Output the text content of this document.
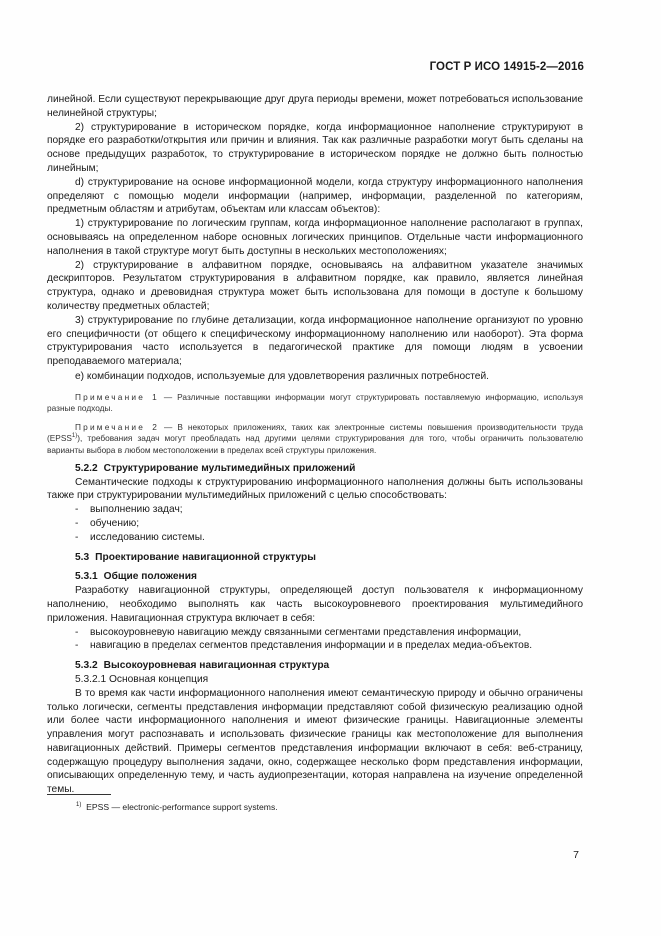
ГОСТ Р ИСО 14915-2—2016

линейной. Если существуют перекрывающие друг друга периоды времени, может потребоваться использование нелинейной структуры;

2) структурирование в историческом порядке, когда информационное наполнение структурируют в порядке его разработки/открытия или причин и влияния. Так как различные разработки могут быть сделаны на основе предыдущих разработок, то структурирование в историческом порядке не должно быть полностью линейным;

d) структурирование на основе информационной модели, когда структуру информационного наполнения определяют с помощью модели информации (например, информации, разделенной по категориям, предметным областям и атрибутам, объектам или классам объектов):

1) структурирование по логическим группам, когда информационное наполнение располагают в группах, основываясь на определенном наборе основных логических принципов. Отдельные части информационного наполнения в такой структуре могут быть доступны в нескольких местоположениях;

2) структурирование в алфавитном порядке, основываясь на алфавитном указателе значимых дескрипторов. Результатом структурирования в алфавитном порядке, как правило, является линейная структура, однако и древовидная структура может быть использована для помощи в доступе к большому количеству предметных областей;

3) структурирование по глубине детализации, когда информационное наполнение организуют по уровню его специфичности (от общего к специфическому информационному наполнению или наоборот). Эта форма структурирования часто используется в педагогической практике для помощи людям в усвоении преподаваемого материала;

e) комбинации подходов, используемые для удовлетворения различных потребностей.

Примечание 1 — Различные поставщики информации могут структурировать поставляемую информацию, используя разные подходы.

Примечание 2 — В некоторых приложениях, таких как электронные системы повышения производительности труда (EPSS$^{1)}$), требования задач могут преобладать над другими целями структурирования для того, чтобы ограничить пользователю варианты выбора в любом местоположении в пределах всей структуры приложения.

5.2.2 Структурирование мультимедийных приложений

Семантические подходы к структурированию информационного наполнения должны быть использованы также при структурировании мультимедийных приложений с целью способствовать:

- выполнению задач;

- обучению;

- исследованию системы.

5.3 Проектирование навигационной структуры

5.3.1 Общие положения

Разработку навигационной структуры, определяющей доступ пользователя к информационному наполнению, необходимо выполнять как часть высокоуровневого проектирования мультимедийного приложения. Навигационная структура включает в себя:

- высокоуровневую навигацию между связанными сегментами представления информации,

- навигацию в пределах сегментов представления информации и в пределах медиа-объектов.

5.3.2 Высокоуровневая навигационная структура

5.3.2.1 Основная концепция

В то время как части информационного наполнения имеют семантическую природу и обычно ограничены только логически, сегменты представления информации представляют собой физическую реализацию одной или более части информационного наполнения и имеют физические границы. Навигационные элементы управления могут распознавать и использовать физические границы как местоположение для выполнения навигационных действий. Примеры сегментов представления информации включают в себя: веб-страницу, содержащую процедуру выполнения задачи, окно, содержащее несколько форм представления информации, описывающих определенную тему, и часть аудиопрезентации, которая направлена на изучение определенной темы.

$^{1)}$ EPSS — electronic-performance support systems.
7
